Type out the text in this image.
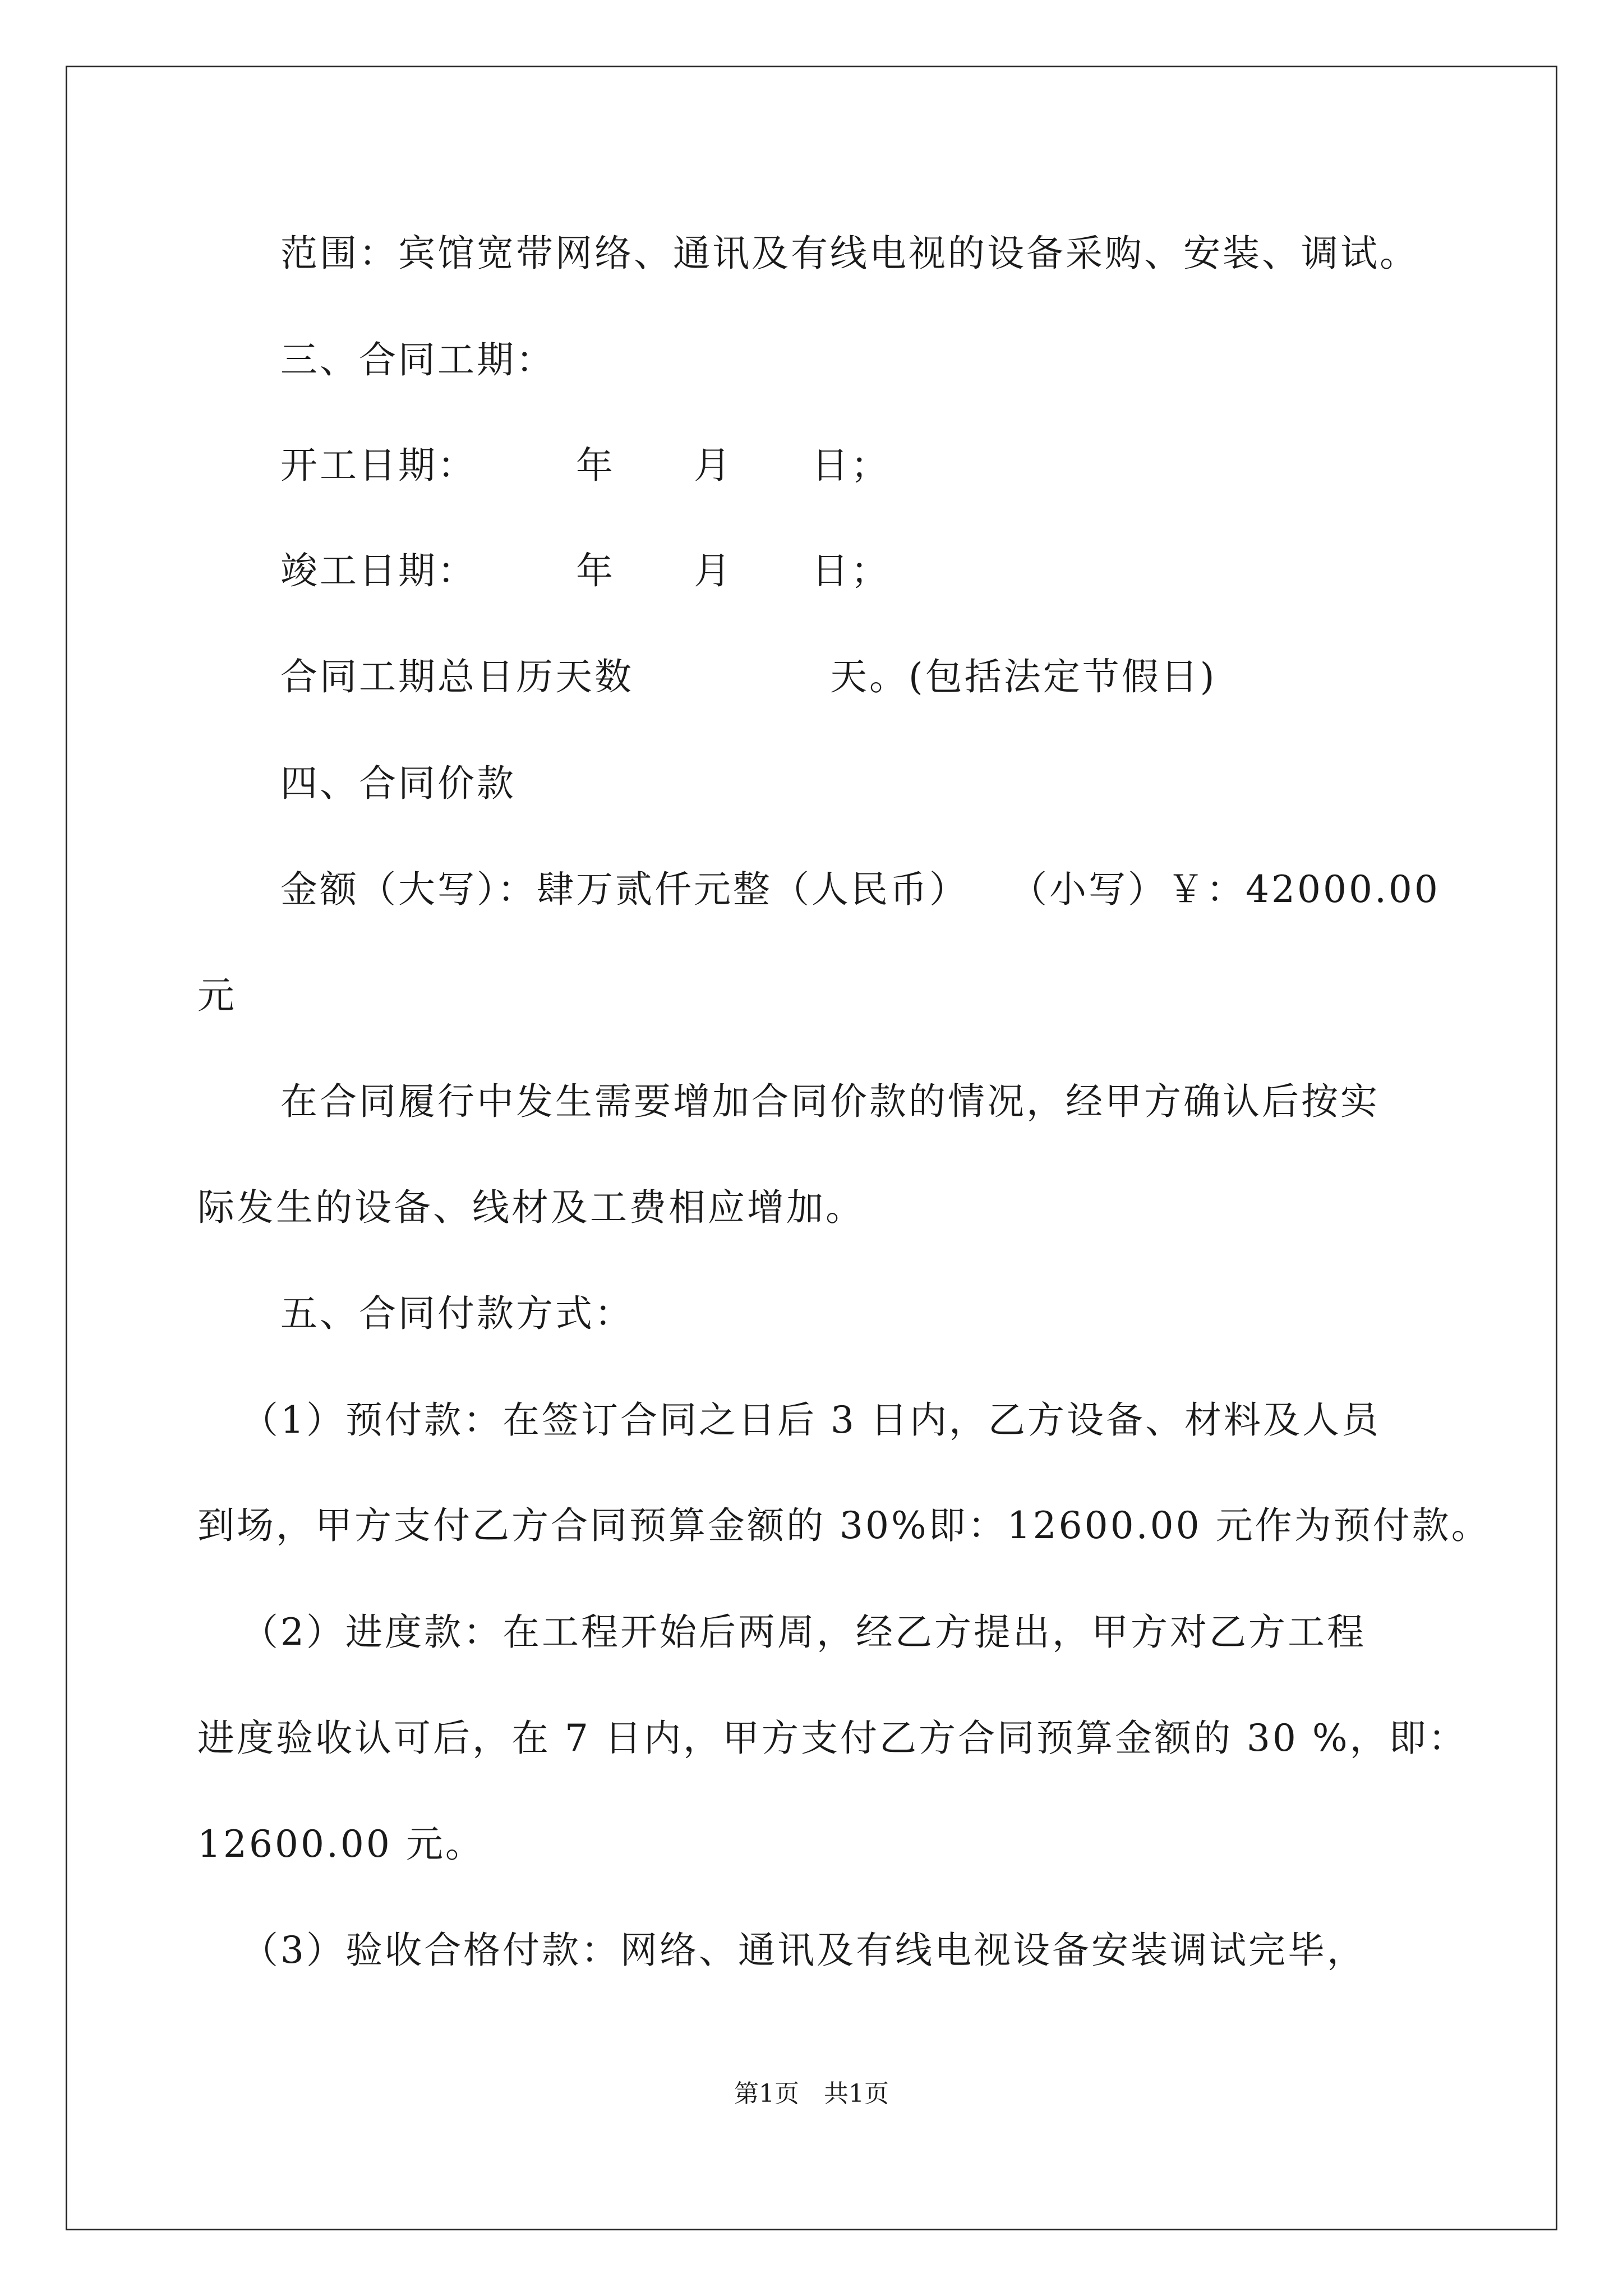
范围：宾馆宽带网络、通讯及有线电视的设备采购、安装、调试。
三、合同工期：
开工日期：　　　年　　月　　日；
竣工日期：　　　年　　月　　日；
合同工期总日历天数　　　　　天。(包括法定节假日)
四、合同价款
金额（大写）：肆万贰仟元整（人民币）　　（小写）￥：42000.00
元
在合同履行中发生需要增加合同价款的情况，经甲方确认后按实
际发生的设备、线材及工费相应增加。
五、合同付款方式：
（1）预付款：在签订合同之日后 3 日内，乙方设备、材料及人员
到场，甲方支付乙方合同预算金额的 30%即：12600.00 元作为预付款。
（2）进度款：在工程开始后两周，经乙方提出，甲方对乙方工程
进度验收认可后，在 7 日内，甲方支付乙方合同预算金额的 30 %，即：
12600.00 元。
（3）验收合格付款：网络、通讯及有线电视设备安装调试完毕，
第1页 共1页
